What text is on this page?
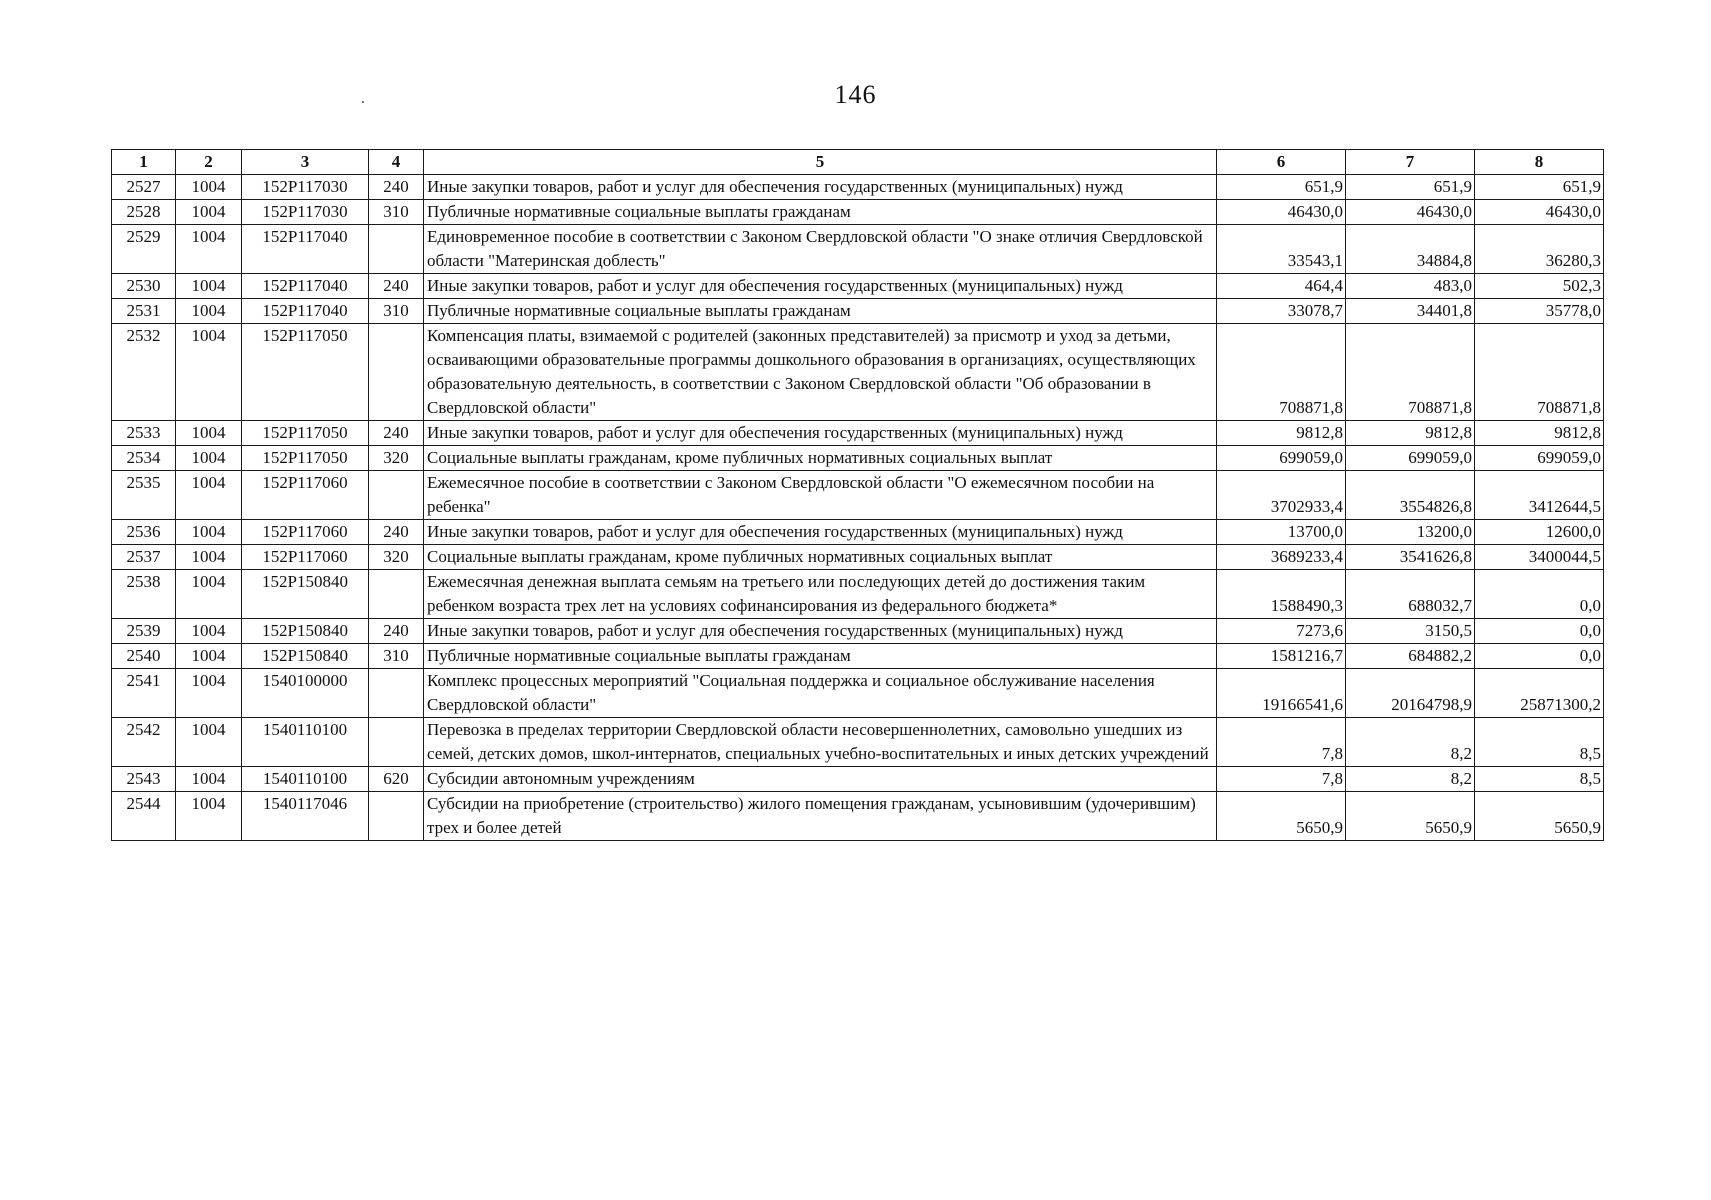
146
1	2	3	4	5	6	7	8
2527	1004	152P117030	240	Иные закупки товаров, работ и услуг для обеспечения государственных (муниципальных) нужд	651,9	651,9	651,9
2528	1004	152P117030	310	Публичные нормативные социальные выплаты гражданам	46430,0	46430,0	46430,0
2529	1004	152P117040		Единовременное пособие в соответствии с Законом Свердловской области "О знаке отличия Свердловской области "Материнская доблесть"	33543,1	34884,8	36280,3
2530	1004	152P117040	240	Иные закупки товаров, работ и услуг для обеспечения государственных (муниципальных) нужд	464,4	483,0	502,3
2531	1004	152P117040	310	Публичные нормативные социальные выплаты гражданам	33078,7	34401,8	35778,0
2532	1004	152P117050		Компенсация платы, взимаемой с родителей (законных представителей) за присмотр и уход за детьми, осваивающими образовательные программы дошкольного образования в организациях, осуществляющих образовательную деятельность, в соответствии с Законом Свердловской области "Об образовании в Свердловской области"	708871,8	708871,8	708871,8
2533	1004	152P117050	240	Иные закупки товаров, работ и услуг для обеспечения государственных (муниципальных) нужд	9812,8	9812,8	9812,8
2534	1004	152P117050	320	Социальные выплаты гражданам, кроме публичных нормативных социальных выплат	699059,0	699059,0	699059,0
2535	1004	152P117060		Ежемесячное пособие в соответствии с Законом Свердловской области "О ежемесячном пособии на ребенка"	3702933,4	3554826,8	3412644,5
2536	1004	152P117060	240	Иные закупки товаров, работ и услуг для обеспечения государственных (муниципальных) нужд	13700,0	13200,0	12600,0
2537	1004	152P117060	320	Социальные выплаты гражданам, кроме публичных нормативных социальных выплат	3689233,4	3541626,8	3400044,5
2538	1004	152P150840		Ежемесячная денежная выплата семьям на третьего или последующих детей до достижения таким ребенком возраста трех лет на условиях софинансирования из федерального бюджета*	1588490,3	688032,7	0,0
2539	1004	152P150840	240	Иные закупки товаров, работ и услуг для обеспечения государственных (муниципальных) нужд	7273,6	3150,5	0,0
2540	1004	152P150840	310	Публичные нормативные социальные выплаты гражданам	1581216,7	684882,2	0,0
2541	1004	1540100000		Комплекс процессных мероприятий "Социальная поддержка и социальное обслуживание населения Свердловской области"	19166541,6	20164798,9	25871300,2
2542	1004	1540110100		Перевозка в пределах территории Свердловской области несовершеннолетних, самовольно ушедших из семей, детских домов, школ-интернатов, специальных учебно-воспитательных и иных детских учреждений	7,8	8,2	8,5
2543	1004	1540110100	620	Субсидии автономным учреждениям	7,8	8,2	8,5
2544	1004	1540117046		Субсидии на приобретение (строительство) жилого помещения гражданам, усыновившим (удочерившим) трех и более детей	5650,9	5650,9	5650,9
